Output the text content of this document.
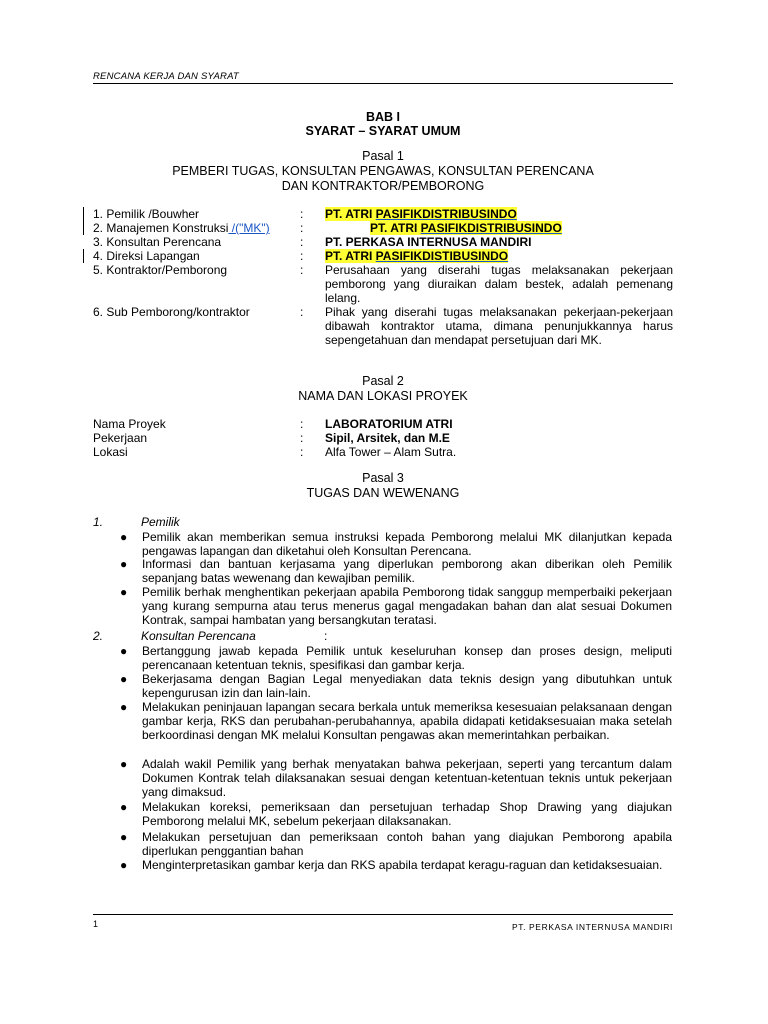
RENCANA KERJA DAN SYARAT
BAB I
SYARAT – SYARAT UMUM
Pasal 1
PEMBERI TUGAS, KONSULTAN PENGAWAS, KONSULTAN PERENCANA
DAN KONTRAKTOR/PEMBORONG
1. Pemilik /Bouwher	: PT. ATRI PASIFIKDISTRIBUSINDO
2. Manajemen Konstruksi /("MK")	:	PT. ATRI PASIFIKDISTRIBUSINDO
3. Konsultan Perencana	: PT. PERKASA INTERNUSA MANDIRI
4. Direksi Lapangan	: PT. ATRI PASIFIKDISTIBUSINDO
5. Kontraktor/Pemborong	: Perusahaan yang diserahi tugas melaksanakan pekerjaan pemborong yang diuraikan dalam bestek, adalah pemenang lelang.
6. Sub Pemborong/kontraktor	: Pihak yang diserahi tugas melaksanakan pekerjaan-pekerjaan dibawah kontraktor utama, dimana penunjukkannya harus sepengetahuan dan mendapat persetujuan dari MK.
Pasal 2
NAMA DAN LOKASI PROYEK
Nama Proyek	: LABORATORIUM ATRI
Pekerjaan	: Sipil, Arsitek, dan M.E
Lokasi	: Alfa Tower – Alam Sutra.
Pasal 3
TUGAS DAN WEWENANG
1.	Pemilik
● Pemilik akan memberikan semua instruksi kepada Pemborong melalui MK dilanjutkan kepada pengawas lapangan dan diketahui oleh Konsultan Perencana.
● Informasi dan bantuan kerjasama yang diperlukan pemborong akan diberikan oleh Pemilik sepanjang batas wewenang dan kewajiban pemilik.
● Pemilik berhak menghentikan pekerjaan apabila Pemborong tidak sanggup memperbaiki pekerjaan yang kurang sempurna atau terus menerus gagal mengadakan bahan dan alat sesuai Dokumen Kontrak, sampai hambatan yang bersangkutan teratasi.
2.	Konsultan Perencana	:
● Bertanggung jawab kepada Pemilik untuk keseluruhan konsep dan proses design, meliputi perencanaan ketentuan teknis, spesifikasi dan gambar kerja.
● Bekerjasama dengan Bagian Legal menyediakan data teknis design yang dibutuhkan untuk kepengurusan izin dan lain-lain.
● Melakukan peninjauan lapangan secara berkala untuk memeriksa kesesuaian pelaksanaan dengan gambar kerja, RKS dan perubahan-perubahannya, apabila didapati ketidaksesuaian maka setelah berkoordinasi dengan MK melalui Konsultan pengawas akan memerintahkan perbaikan.
● Adalah wakil Pemilik yang berhak menyatakan bahwa pekerjaan, seperti yang tercantum dalam Dokumen Kontrak telah dilaksanakan sesuai dengan ketentuan-ketentuan teknis untuk pekerjaan yang dimaksud.
● Melakukan koreksi, pemeriksaan dan persetujuan terhadap Shop Drawing yang diajukan Pemborong melalui MK, sebelum pekerjaan dilaksanakan.
● Melakukan persetujuan dan pemeriksaan contoh bahan yang diajukan Pemborong apabila diperlukan penggantian bahan
● Menginterpretasikan gambar kerja dan RKS apabila terdapat keragu-raguan dan ketidaksesuaian.
1	PT. PERKASA INTERNUSA MANDIRI
